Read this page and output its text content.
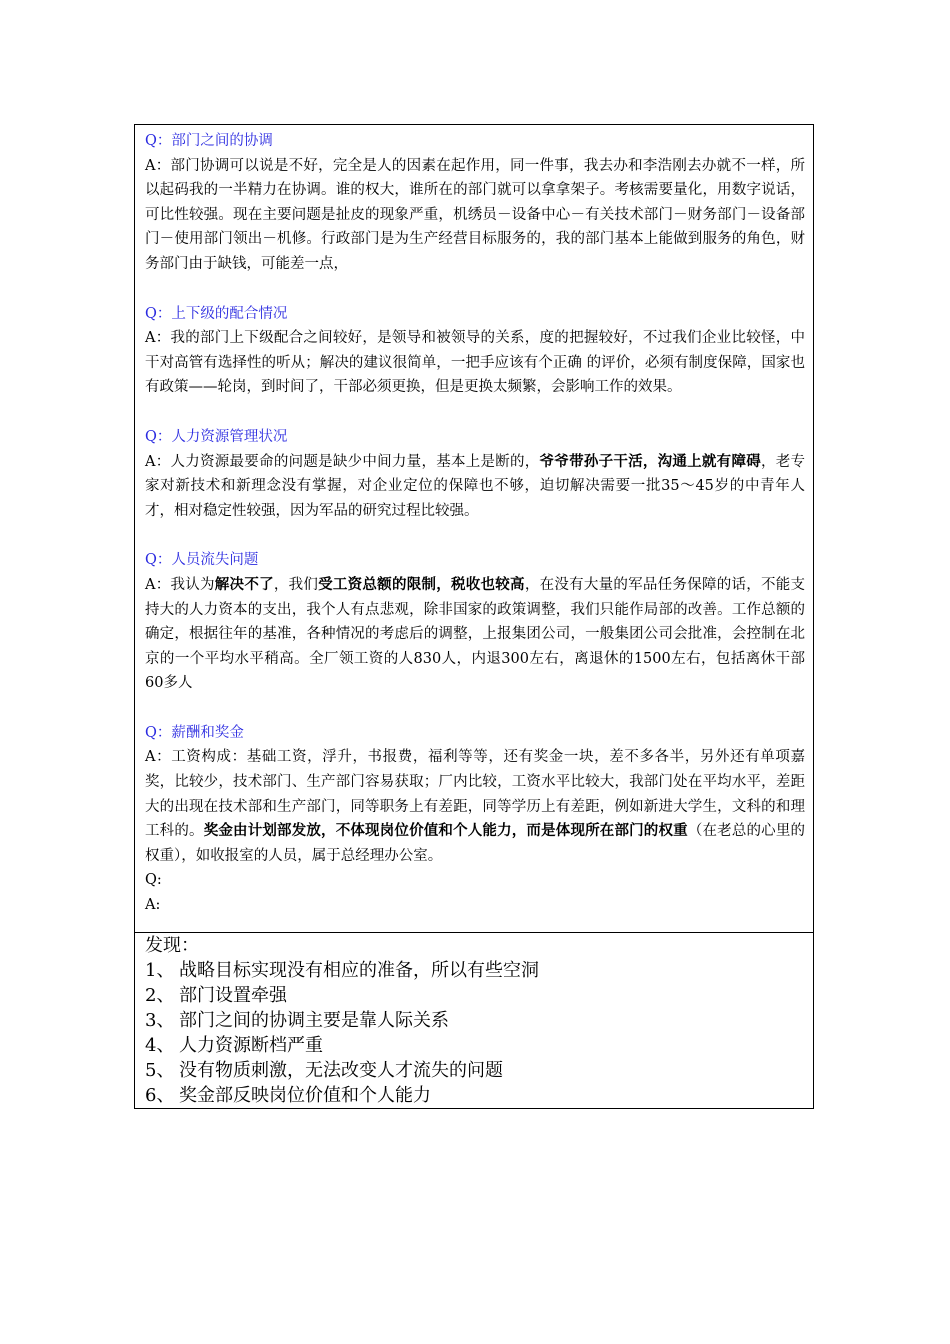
Q：部门之间的协调
A：部门协调可以说是不好，完全是人的因素在起作用，同一件事，我去办和李浩刚去办就不一样，所以起码我的一半精力在协调。谁的权大，谁所在的部门就可以拿拿架子。考核需要量化，用数字说话，可比性较强。现在主要问题是扯皮的现象严重，机绣员－设备中心－有关技术部门－财务部门－设备部门－使用部门领出－机修。行政部门是为生产经营目标服务的，我的部门基本上能做到服务的角色，财务部门由于缺钱，可能差一点，
Q：上下级的配合情况
A：我的部门上下级配合之间较好，是领导和被领导的关系，度的把握较好，不过我们企业比较怪，中干对高管有选择性的听从；解决的建议很简单，一把手应该有个正确 的评价，必须有制度保障，国家也有政策——轮岗，到时间了，干部必须更换，但是更换太频繁，会影响工作的效果。
Q：人力资源管理状况
A：人力资源最要命的问题是缺少中间力量，基本上是断的，爷爷带孙子干活，沟通上就有障碍，老专家对新技术和新理念没有掌握，对企业定位的保障也不够，迫切解决需要一批35～45岁的中青年人才，相对稳定性较强，因为军品的研究过程比较强。
Q：人员流失问题
A：我认为解决不了，我们受工资总额的限制，税收也较高，在没有大量的军品任务保障的话，不能支持大的人力资本的支出，我个人有点悲观，除非国家的政策调整，我们只能作局部的改善。工作总额的确定，根据往年的基准，各种情况的考虑后的调整，上报集团公司，一般集团公司会批准，会控制在北京的一个平均水平稍高。全厂领工资的人830人，内退300左右，离退休的1500左右，包括离休干部60多人
Q：薪酬和奖金
A：工资构成：基础工资，浮升，书报费，福利等等，还有奖金一块，差不多各半，另外还有单项嘉奖，比较少，技术部门、生产部门容易获取；厂内比较，工资水平比较大，我部门处在平均水平，差距大的出现在技术部和生产部门，同等职务上有差距，同等学历上有差距，例如新进大学生，文科的和理工科的。奖金由计划部发放，不体现岗位价值和个人能力，而是体现所在部门的权重（在老总的心里的权重），如收报室的人员，属于总经理办公室。
Q:
A:
发现：
1、 战略目标实现没有相应的准备，所以有些空洞
2、 部门设置牵强
3、 部门之间的协调主要是靠人际关系
4、 人力资源断档严重
5、 没有物质刺激，无法改变人才流失的问题
6、 奖金部反映岗位价值和个人能力
